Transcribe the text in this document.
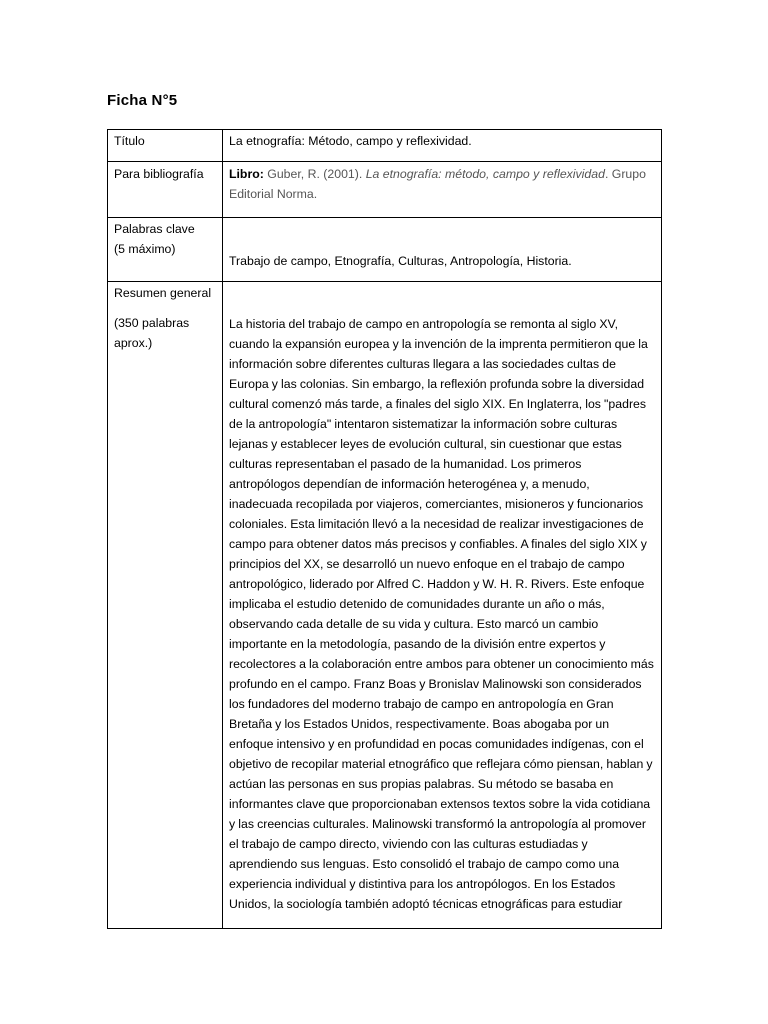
Ficha N°5
Título	La etnografía: Método, campo y reflexividad.
Para bibliografía	Libro: Guber, R. (2001). La etnografía: método, campo y reflexividad. Grupo Editorial Norma.

Palabras clave
(5 máximo)	Trabajo de campo, Etnografía, Culturas, Antropología, Historia.

Resumen general
(350 palabras aprox.)	La historia del trabajo de campo en antropología se remonta al siglo XV, cuando la expansión europea y la invención de la imprenta permitieron que la información sobre diferentes culturas llegara a las sociedades cultas de Europa y las colonias. Sin embargo, la reflexión profunda sobre la diversidad cultural comenzó más tarde, a finales del siglo XIX. En Inglaterra, los "padres de la antropología" intentaron sistematizar la información sobre culturas lejanas y establecer leyes de evolución cultural, sin cuestionar que estas culturas representaban el pasado de la humanidad. Los primeros antropólogos dependían de información heterogénea y, a menudo, inadecuada recopilada por viajeros, comerciantes, misioneros y funcionarios coloniales. Esta limitación llevó a la necesidad de realizar investigaciones de campo para obtener datos más precisos y confiables. A finales del siglo XIX y principios del XX, se desarrolló un nuevo enfoque en el trabajo de campo antropológico, liderado por Alfred C. Haddon y W. H. R. Rivers. Este enfoque implicaba el estudio detenido de comunidades durante un año o más, observando cada detalle de su vida y cultura. Esto marcó un cambio importante en la metodología, pasando de la división entre expertos y recolectores a la colaboración entre ambos para obtener un conocimiento más profundo en el campo. Franz Boas y Bronislav Malinowski son considerados los fundadores del moderno trabajo de campo en antropología en Gran Bretaña y los Estados Unidos, respectivamente. Boas abogaba por un enfoque intensivo y en profundidad en pocas comunidades indígenas, con el objetivo de recopilar material etnográfico que reflejara cómo piensan, hablan y actúan las personas en sus propias palabras. Su método se basaba en informantes clave que proporcionaban extensos textos sobre la vida cotidiana y las creencias culturales. Malinowski transformó la antropología al promover el trabajo de campo directo, viviendo con las culturas estudiadas y aprendiendo sus lenguas. Esto consolidó el trabajo de campo como una experiencia individual y distintiva para los antropólogos. En los Estados Unidos, la sociología también adoptó técnicas etnográficas para estudiar
